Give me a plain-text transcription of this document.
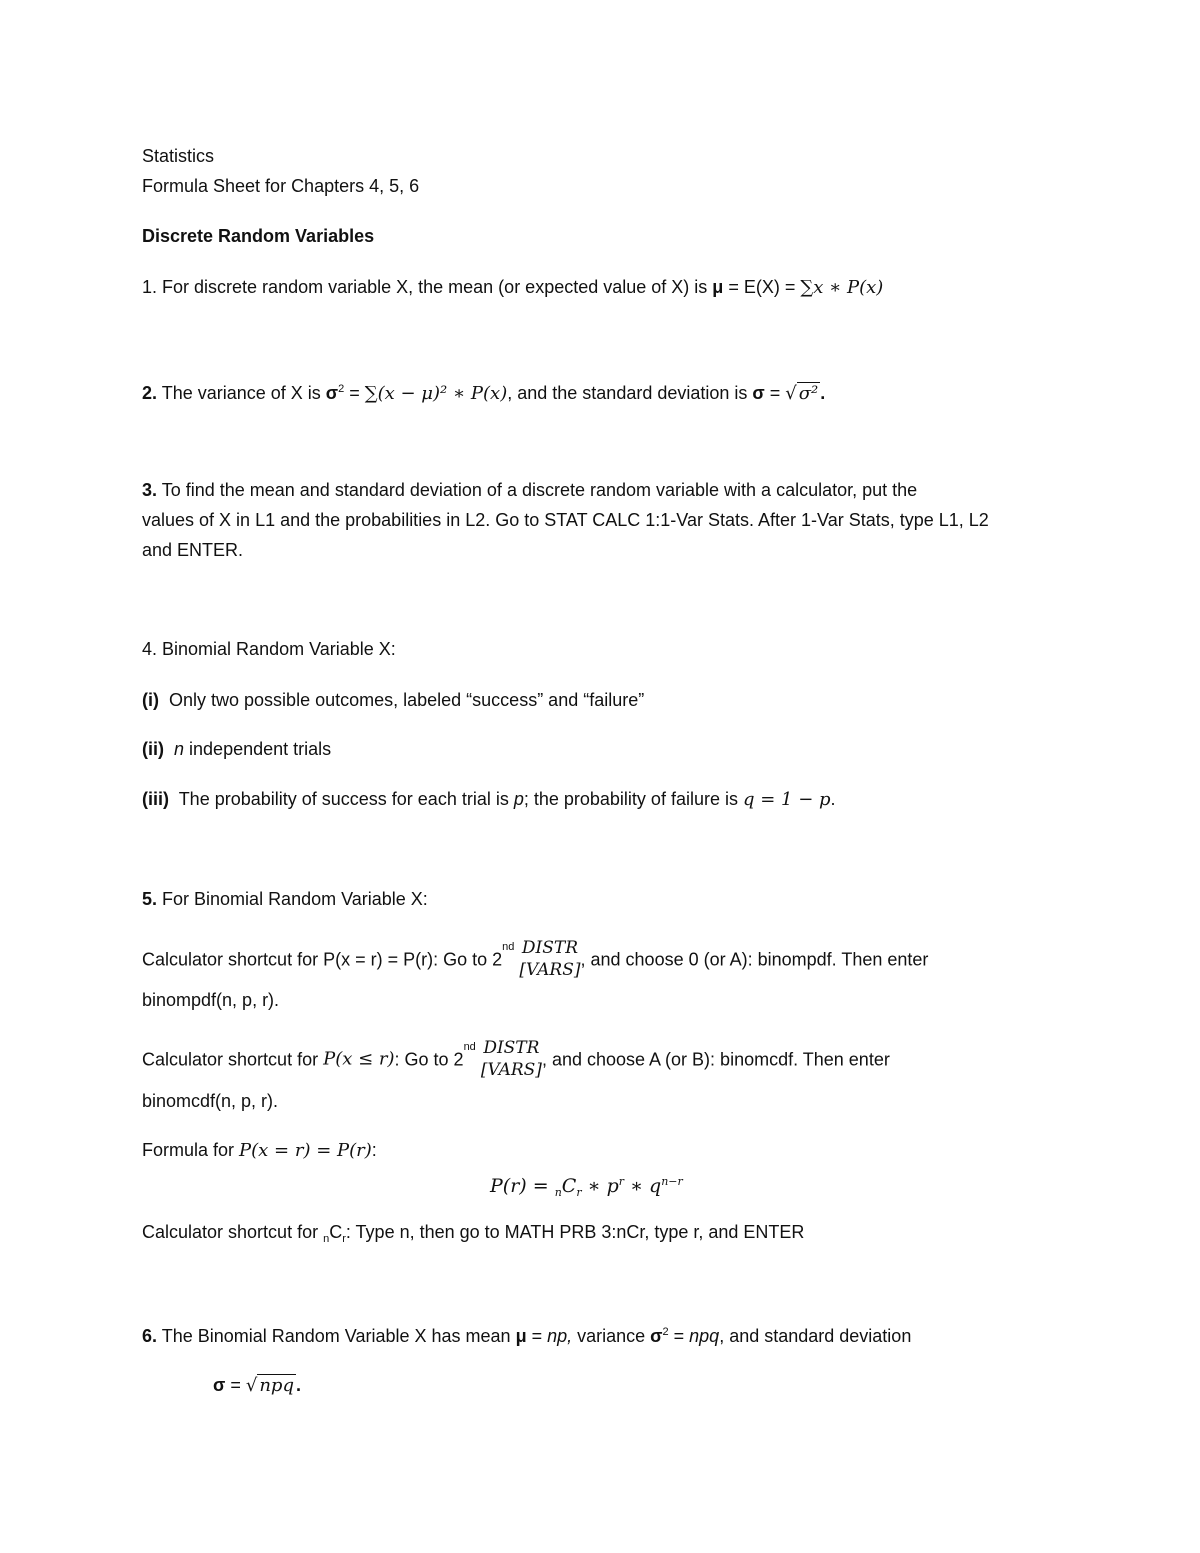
Statistics
Formula Sheet for Chapters 4, 5, 6
Discrete Random Variables
1. For discrete random variable X, the mean (or expected value of X) is μ = E(X) = ∑x ∗ P(x)
2. The variance of X is $\sigma^2 = \sum(x - \mu)^2$ ∗ P(x), and the standard deviation is σ = √ σ² .
3. To find the mean and standard deviation of a discrete random variable with a calculator, put the
values of X in L1 and the probabilities in L2. Go to STAT CALC 1:1-Var Stats. After 1-Var Stats, type L1, L2
and ENTER.
4. Binomial Random Variable X:
(i) Only two possible outcomes, labeled “success” and “failure”
(ii) n independent trials
(iii) The probability of success for each trial is p; the probability of failure is q = 1 − p.
5. For Binomial Random Variable X:
Calculator shortcut for P(x = r) = P(r): Go to 2nd DISTR
[VARS]
, and choose 0 (or A): binompdf. Then enter
binompdf(n, p, r).
Calculator shortcut for P(x ≤ r): Go to 2nd DISTR
[VARS]
, and choose A (or B): binomcdf. Then enter
binomcdf(n, p, r).
Formula for P(x = r) = P(r):
$P(r) = _nC_r$ ∗ $p^r$ ∗ $q^{n-r}$
Calculator shortcut for $_nC_r$: Type n, then go to MATH PRB 3:nCr, type r, and ENTER
6. The Binomial Random Variable X has mean μ = np, variance $\sigma^2$ = npq, and standard deviation
σ = √ npq .
